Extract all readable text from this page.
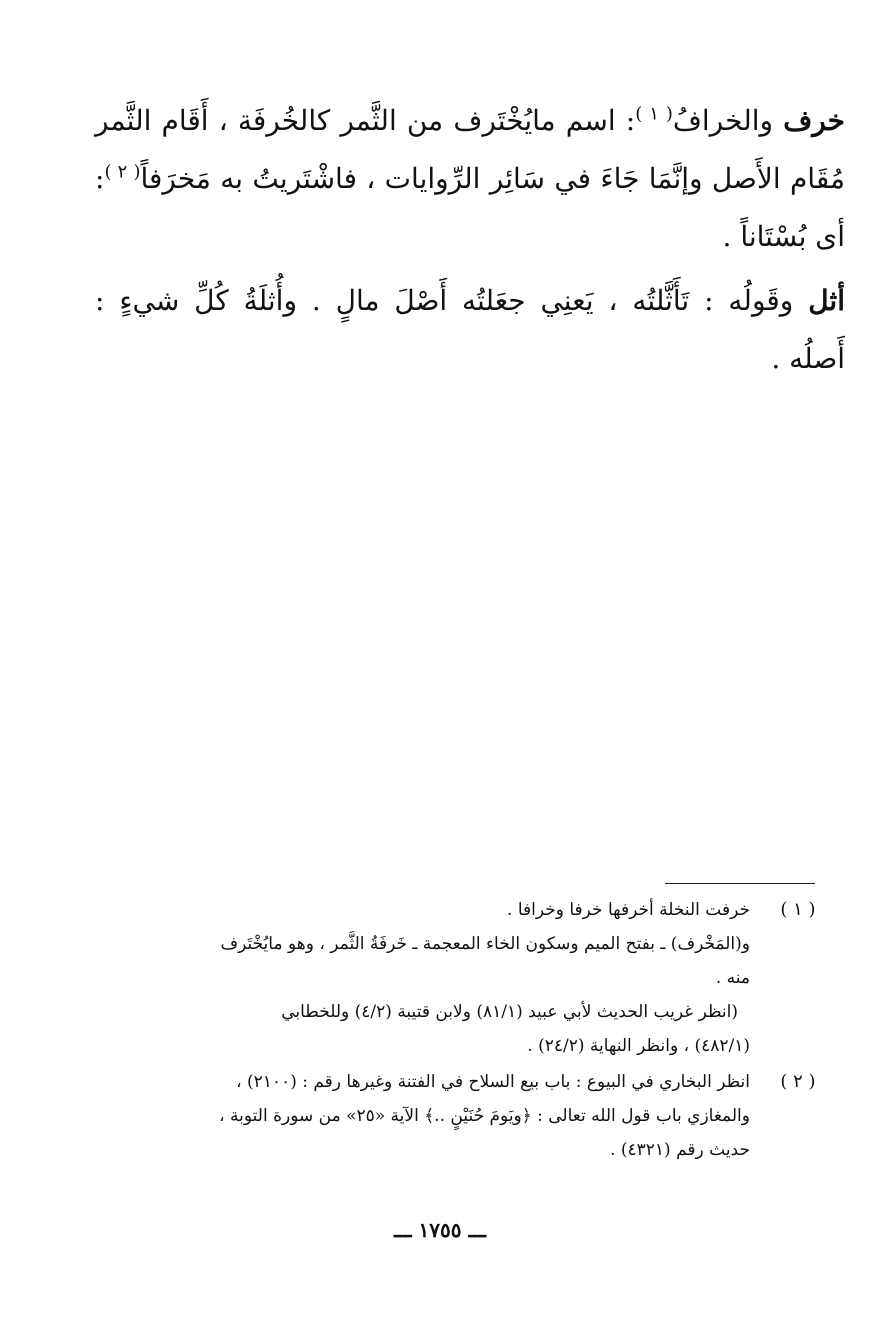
خرف والخرافُ$^{( ١ )}$: اسم مايُخْتَرف من الثَّمر كالخُرفَة ، أَقَام الثَّمر
مُقَام الأَصل وإنَّمَا جَاءَ في سَائِر الرِّوايات ، فاشْتَريتُ به مَخرَفاً$^{( ٢ )}$:
أى بُسْتَاناً .

أثل وقَولُه : تَأَثَّلتُه ، يَعنِي جعَلتُه أَصْلَ مالٍ . وأُثلَةُ كُلِّ شيءٍ :
أَصلُه .

( ١ )
خرفت النخلة أخرفها خرفا وخرافا .
و(المَخْرف) ـ بفتح الميم وسكون الخاء المعجمة ـ خَرفَةُ الثَّمر ، وهو مايُخْتَرف
منه .
(انظر غريب الحديث لأبي عبيد (٨١/١) ولابن قتيبة (٤/٢) وللخطابي
(٤٨٢/١) ، وانظر النهاية (٢٤/٢) .
( ٢ )
انظر البخاري في البيوع : باب بيع السلاح في الفتنة وغيرها رقم : (٢١٠٠) ،
والمغازي باب قول الله تعالى : ﴿ويَومَ حُنَيْنٍ ..﴾ الآية «٢٥» من سورة التوبة ،
حديث رقم (٤٣٢١) .
ـــ ١٧٥٥ ـــ
